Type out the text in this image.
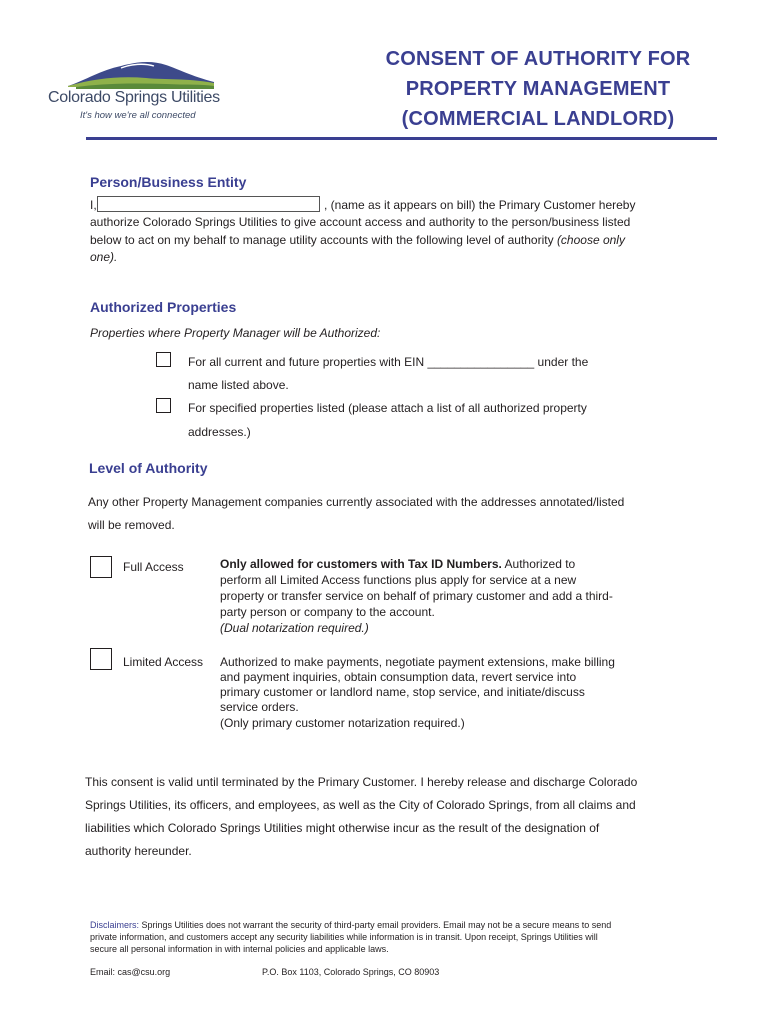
Colorado Springs Utilities
It's how we're all connected
CONSENT OF AUTHORITY FOR
PROPERTY MANAGEMENT
(COMMERCIAL LANDLORD)
Person/Business Entity
I,	, (name as it appears on bill) the Primary Customer hereby
authorize Colorado Springs Utilities to give account access and authority to the person/business listed
below to act on my behalf to manage utility accounts with the following level of authority (choose only
one).
Authorized Properties
Properties where Property Manager will be Authorized:
For all current and future properties with EIN ________________ under the
name listed above.
For specified properties listed (please attach a list of all authorized property
addresses.)
Level of Authority
Any other Property Management companies currently associated with the addresses annotated/listed
will be removed.
Full Access	Only allowed for customers with Tax ID Numbers. Authorized to
perform all Limited Access functions plus apply for service at a new
property or transfer service on behalf of primary customer and add a third-
party person or company to the account.
(Dual notarization required.)
Limited Access Authorized to make payments, negotiate payment extensions, make billing
and payment inquiries, obtain consumption data, revert service into
primary customer or landlord name, stop service, and initiate/discuss
service orders.
(Only primary customer notarization required.)
This consent is valid until terminated by the Primary Customer. I hereby release and discharge Colorado
Springs Utilities, its officers, and employees, as well as the City of Colorado Springs, from all claims and
liabilities which Colorado Springs Utilities might otherwise incur as the result of the designation of
authority hereunder.
Disclaimers: Springs Utilities does not warrant the security of third-party email providers. Email may not be a secure means to send
private information, and customers accept any security liabilities while information is in transit. Upon receipt, Springs Utilities will
secure all personal information in with internal policies and applicable laws.
Email: cas@csu.org	P.O. Box 1103, Colorado Springs, CO 80903
